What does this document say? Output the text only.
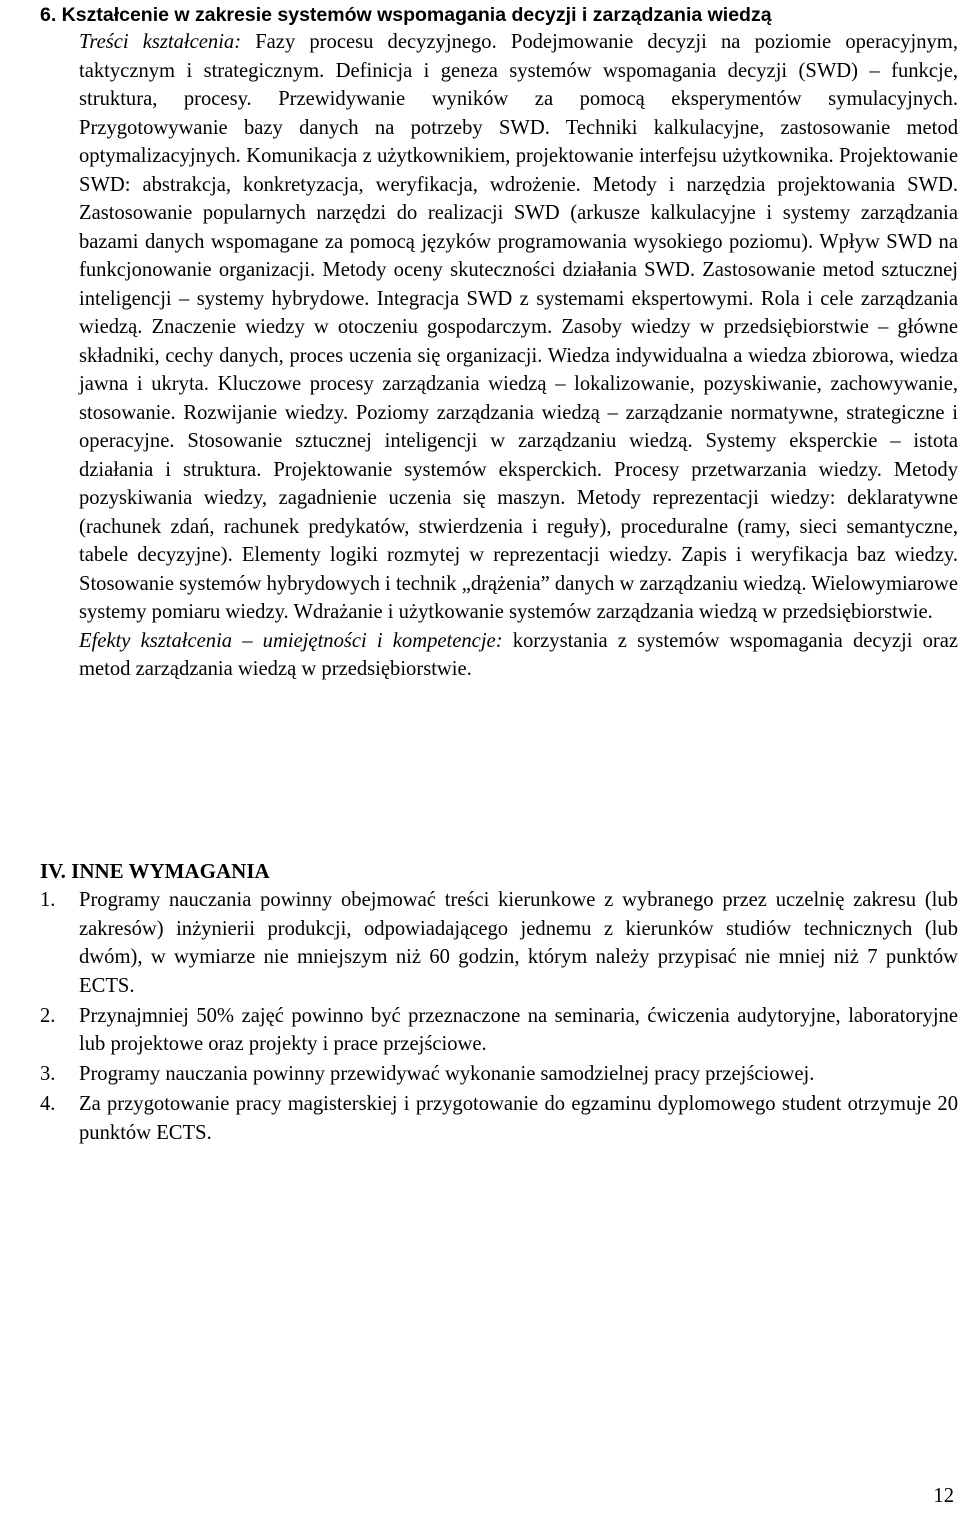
6. Kształcenie w zakresie systemów wspomagania decyzji i zarządzania wiedzą

Treści kształcenia: Fazy procesu decyzyjnego. Podejmowanie decyzji na poziomie operacyjnym, taktycznym i strategicznym. Definicja i geneza systemów wspomagania decyzji (SWD) – funkcje, struktura, procesy. Przewidywanie wyników za pomocą eksperymentów symulacyjnych. Przygotowywanie bazy danych na potrzeby SWD. Techniki kalkulacyjne, zastosowanie metod optymalizacyjnych. Komunikacja z użytkownikiem, projektowanie interfejsu użytkownika. Projektowanie SWD: abstrakcja, konkretyzacja, weryfikacja, wdrożenie. Metody i narzędzia projektowania SWD. Zastosowanie popularnych narzędzi do realizacji SWD (arkusze kalkulacyjne i systemy zarządzania bazami danych wspomagane za pomocą języków programowania wysokiego poziomu). Wpływ SWD na funkcjonowanie organizacji. Metody oceny skuteczności działania SWD. Zastosowanie metod sztucznej inteligencji – systemy hybrydowe. Integracja SWD z systemami ekspertowymi. Rola i cele zarządzania wiedzą. Znaczenie wiedzy w otoczeniu gospodarczym. Zasoby wiedzy w przedsiębiorstwie – główne składniki, cechy danych, proces uczenia się organizacji. Wiedza indywidualna a wiedza zbiorowa, wiedza jawna i ukryta. Kluczowe procesy zarządzania wiedzą – lokalizowanie, pozyskiwanie, zachowywanie, stosowanie. Rozwijanie wiedzy. Poziomy zarządzania wiedzą – zarządzanie normatywne, strategiczne i operacyjne. Stosowanie sztucznej inteligencji w zarządzaniu wiedzą. Systemy eksperckie – istota działania i struktura. Projektowanie systemów eksperckich. Procesy przetwarzania wiedzy. Metody pozyskiwania wiedzy, zagadnienie uczenia się maszyn. Metody reprezentacji wiedzy: deklaratywne (rachunek zdań, rachunek predykatów, stwierdzenia i reguły), proceduralne (ramy, sieci semantyczne, tabele decyzyjne). Elementy logiki rozmytej w reprezentacji wiedzy. Zapis i weryfikacja baz wiedzy. Stosowanie systemów hybrydowych i technik „drążenia” danych w zarządzaniu wiedzą. Wielowymiarowe systemy pomiaru wiedzy. Wdrażanie i użytkowanie systemów zarządzania wiedzą w przedsiębiorstwie.

Efekty kształcenia – umiejętności i kompetencje: korzystania z systemów wspomagania decyzji oraz metod zarządzania wiedzą w przedsiębiorstwie.

IV. INNE WYMAGANIA
1. Programy nauczania powinny obejmować treści kierunkowe z wybranego przez uczelnię zakresu (lub zakresów) inżynierii produkcji, odpowiadającego jednemu z kierunków studiów technicznych (lub dwóm), w wymiarze nie mniejszym niż 60 godzin, którym należy przypisać nie mniej niż 7 punktów ECTS.
2. Przynajmniej 50% zajęć powinno być przeznaczone na seminaria, ćwiczenia audytoryjne, laboratoryjne lub projektowe oraz projekty i prace przejściowe.
3. Programy nauczania powinny przewidywać wykonanie samodzielnej pracy przejściowej.
4. Za przygotowanie pracy magisterskiej i przygotowanie do egzaminu dyplomowego student otrzymuje 20 punktów ECTS.
12
